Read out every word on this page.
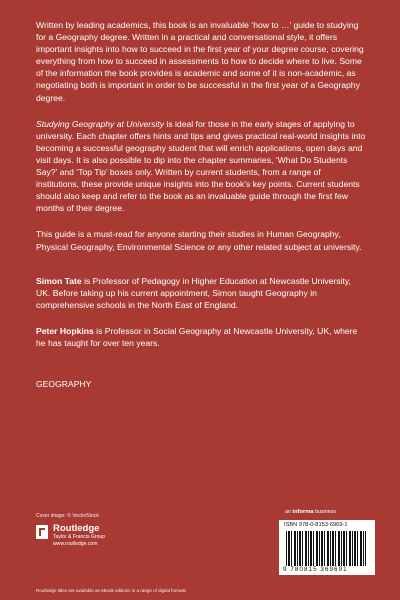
Written by leading academics, this book is an invaluable ‘how to …’ guide to studying for a Geography degree. Written in a practical and conversational style, it offers important insights into how to succeed in the first year of your degree course, covering everything from how to succeed in assessments to how to decide where to live. Some of the information the book provides is academic and some of it is non-academic, as negotiating both is important in order to be successful in the first year of a Geography degree.

Studying Geography at University is ideal for those in the early stages of applying to university. Each chapter offers hints and tips and gives practical real-world insights into becoming a successful geography student that will enrich applications, open days and visit days. It is also possible to dip into the chapter summaries, ‘What Do Students Say?’ and ‘Top Tip’ boxes only. Written by current students, from a range of institutions, these provide unique insights into the book’s key points. Current students should also keep and refer to the book as an invaluable guide through the first few months of their degree.

This guide is a must-read for anyone starting their studies in Human Geography, Physical Geography, Environmental Science or any other related subject at university.

Simon Tate is Professor of Pedagogy in Higher Education at Newcastle University, UK. Before taking up his current appointment, Simon taught Geography in comprehensive schools in the North East of England.

Peter Hopkins is Professor in Social Geography at Newcastle University, UK, where he has taught for over ten years.

GEOGRAPHY
Cover image: © VectorStock
Routledge
Taylor & Francis Group
www.routledge.com
an informa business
ISBN 978-0-8153-6969-1
9 780815 369691
Routledge titles are available as eBook editions in a range of digital formats
